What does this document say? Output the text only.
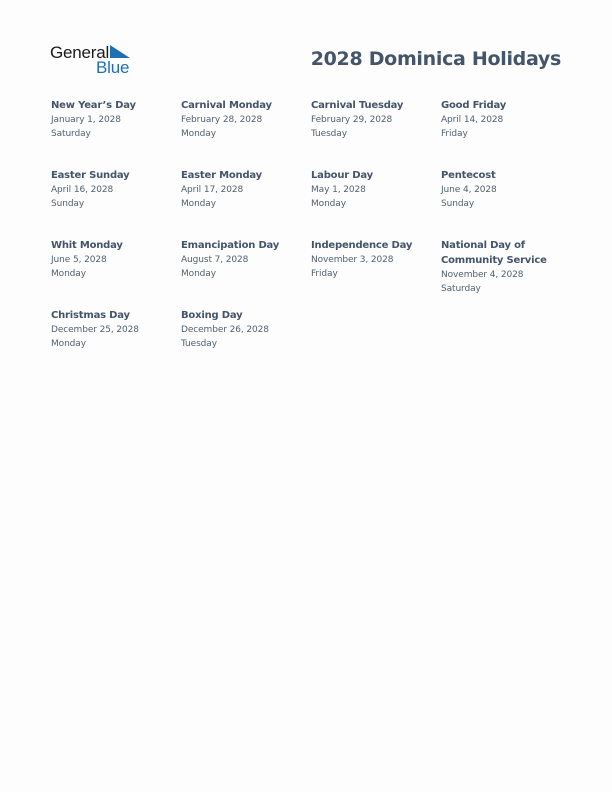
General
Blue	2028 Dominica Holidays
New Year’s Day
January 1, 2028
Saturday
Carnival Monday
February 28, 2028
Monday
Carnival Tuesday
February 29, 2028
Tuesday
Good Friday
April 14, 2028
Friday
Easter Sunday
April 16, 2028
Sunday
Easter Monday
April 17, 2028
Monday
Labour Day
May 1, 2028
Monday
Pentecost
June 4, 2028
Sunday
Whit Monday
June 5, 2028
Monday
Emancipation Day
August 7, 2028
Monday
Independence Day
November 3, 2028
Friday
National Day of Community Service
November 4, 2028
Saturday
Christmas Day
December 25, 2028
Monday
Boxing Day
December 26, 2028
Tuesday
